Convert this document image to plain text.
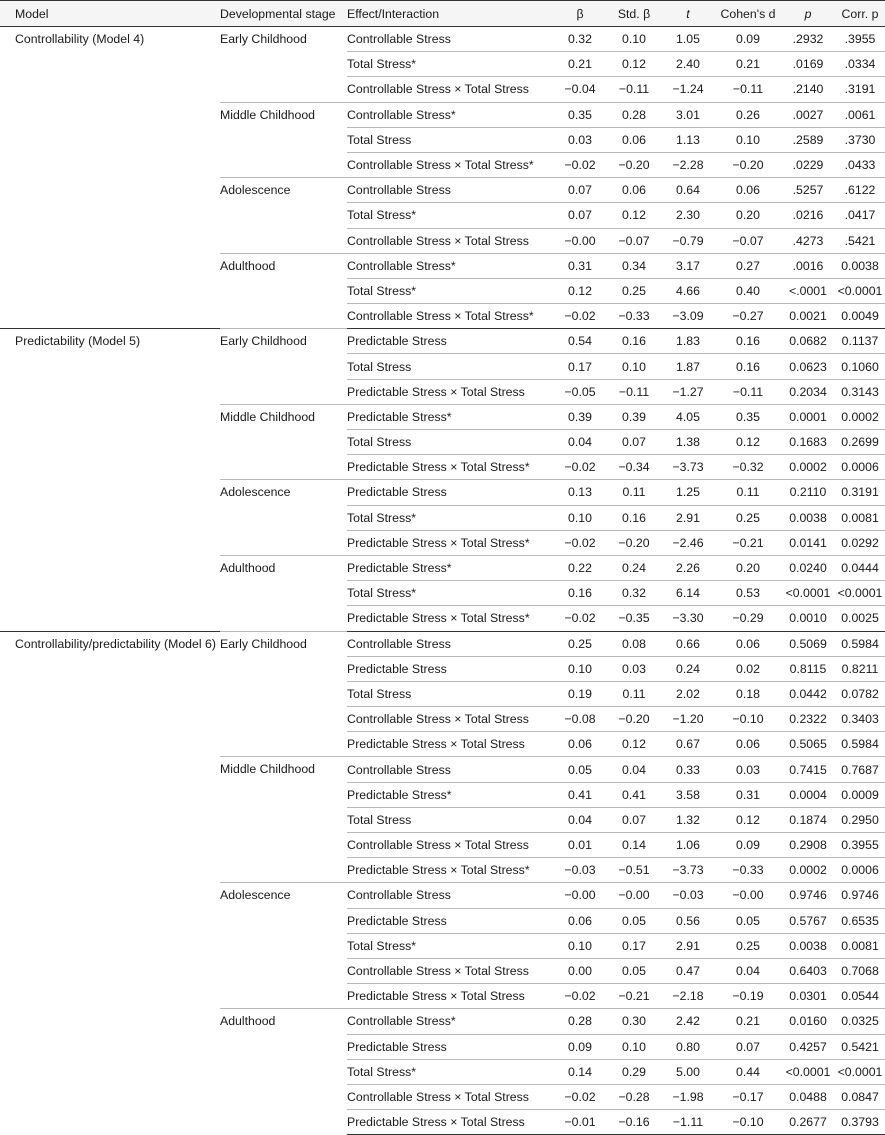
Model	Developmental stage	Effect/Interaction	β	Std. β	t	Cohen's d	p	Corr. p
Controllability (Model 4)	Early Childhood	Controllable Stress	0.32	0.10	1.05	0.09	.2932	.3955
		Total Stress*	0.21	0.12	2.40	0.21	.0169	.0334
		Controllable Stress × Total Stress	−0.04	−0.11	−1.24	−0.11	.2140	.3191
	Middle Childhood	Controllable Stress*	0.35	0.28	3.01	0.26	.0027	.0061
		Total Stress	0.03	0.06	1.13	0.10	.2589	.3730
		Controllable Stress × Total Stress*	−0.02	−0.20	−2.28	−0.20	.0229	.0433
	Adolescence	Controllable Stress	0.07	0.06	0.64	0.06	.5257	.6122
		Total Stress*	0.07	0.12	2.30	0.20	.0216	.0417
		Controllable Stress × Total Stress	−0.00	−0.07	−0.79	−0.07	.4273	.5421
	Adulthood	Controllable Stress*	0.31	0.34	3.17	0.27	.0016	0.0038
		Total Stress*	0.12	0.25	4.66	0.40	<.0001	<0.0001
		Controllable Stress × Total Stress*	−0.02	−0.33	−3.09	−0.27	0.0021	0.0049
Predictability (Model 5)	Early Childhood	Predictable Stress	0.54	0.16	1.83	0.16	0.0682	0.1137
		Total Stress	0.17	0.10	1.87	0.16	0.0623	0.1060
		Predictable Stress × Total Stress	−0.05	−0.11	−1.27	−0.11	0.2034	0.3143
	Middle Childhood	Predictable Stress*	0.39	0.39	4.05	0.35	0.0001	0.0002
		Total Stress	0.04	0.07	1.38	0.12	0.1683	0.2699
		Predictable Stress × Total Stress*	−0.02	−0.34	−3.73	−0.32	0.0002	0.0006
	Adolescence	Predictable Stress	0.13	0.11	1.25	0.11	0.2110	0.3191
		Total Stress*	0.10	0.16	2.91	0.25	0.0038	0.0081
		Predictable Stress × Total Stress*	−0.02	−0.20	−2.46	−0.21	0.0141	0.0292
	Adulthood	Predictable Stress*	0.22	0.24	2.26	0.20	0.0240	0.0444
		Total Stress*	0.16	0.32	6.14	0.53	<0.0001	<0.0001
		Predictable Stress × Total Stress*	−0.02	−0.35	−3.30	−0.29	0.0010	0.0025
Controllability/predictability (Model 6)	Early Childhood	Controllable Stress	0.25	0.08	0.66	0.06	0.5069	0.5984
		Predictable Stress	0.10	0.03	0.24	0.02	0.8115	0.8211
		Total Stress	0.19	0.11	2.02	0.18	0.0442	0.0782
		Controllable Stress × Total Stress	−0.08	−0.20	−1.20	−0.10	0.2322	0.3403
		Predictable Stress × Total Stress	0.06	0.12	0.67	0.06	0.5065	0.5984
	Middle Childhood	Controllable Stress	0.05	0.04	0.33	0.03	0.7415	0.7687
		Predictable Stress*	0.41	0.41	3.58	0.31	0.0004	0.0009
		Total Stress	0.04	0.07	1.32	0.12	0.1874	0.2950
		Controllable Stress × Total Stress	0.01	0.14	1.06	0.09	0.2908	0.3955
		Predictable Stress × Total Stress*	−0.03	−0.51	−3.73	−0.33	0.0002	0.0006
	Adolescence	Controllable Stress	−0.00	−0.00	−0.03	−0.00	0.9746	0.9746
		Predictable Stress	0.06	0.05	0.56	0.05	0.5767	0.6535
		Total Stress*	0.10	0.17	2.91	0.25	0.0038	0.0081
		Controllable Stress × Total Stress	0.00	0.05	0.47	0.04	0.6403	0.7068
		Predictable Stress × Total Stress	−0.02	−0.21	−2.18	−0.19	0.0301	0.0544
	Adulthood	Controllable Stress*	0.28	0.30	2.42	0.21	0.0160	0.0325
		Predictable Stress	0.09	0.10	0.80	0.07	0.4257	0.5421
		Total Stress*	0.14	0.29	5.00	0.44	<0.0001	<0.0001
		Controllable Stress × Total Stress	−0.02	−0.28	−1.98	−0.17	0.0488	0.0847
		Predictable Stress × Total Stress	−0.01	−0.16	−1.11	−0.10	0.2677	0.3793
